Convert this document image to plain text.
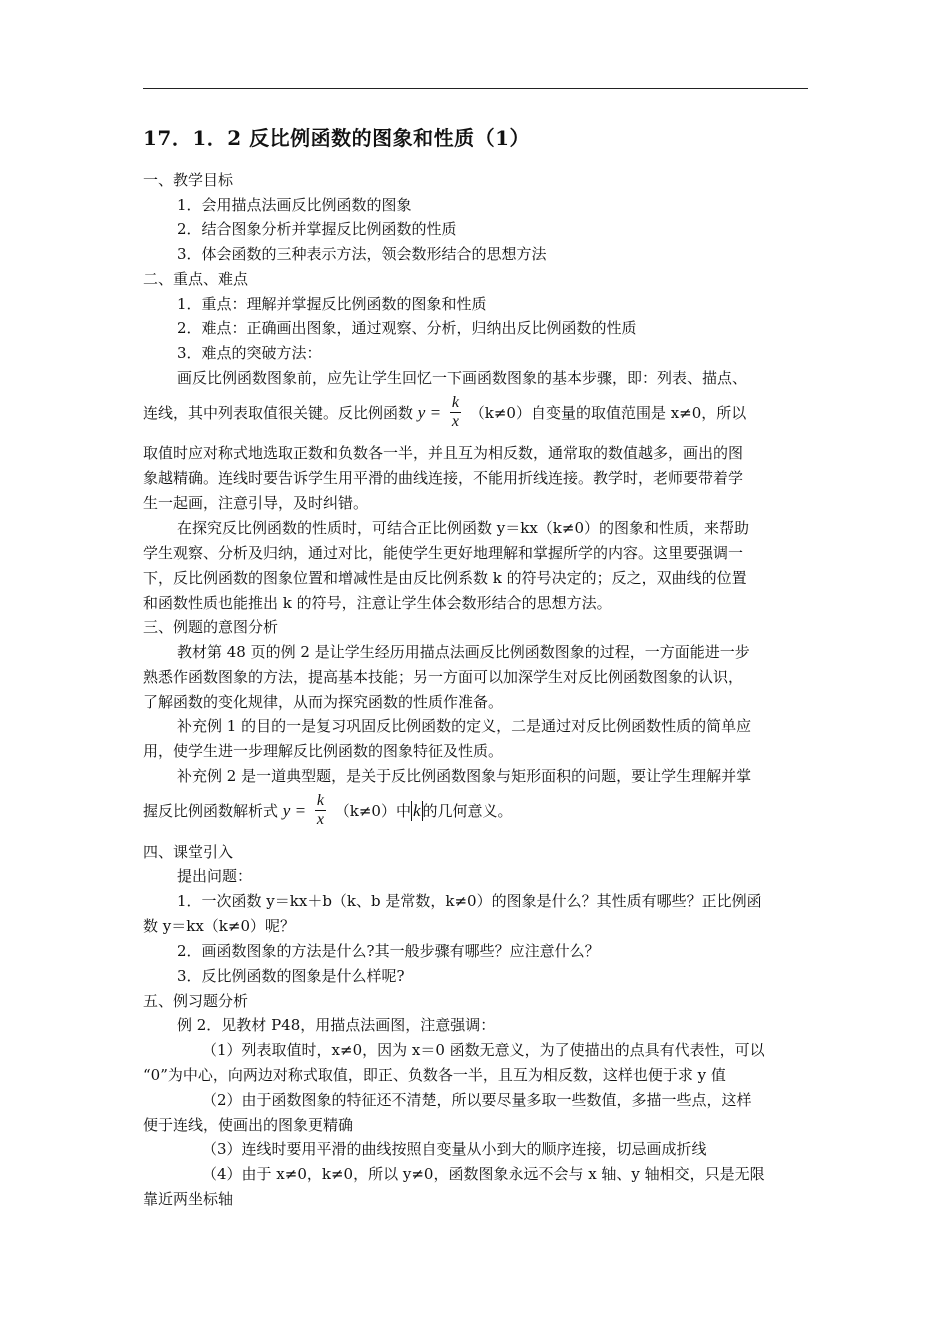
17．1．2 反比例函数的图象和性质（1）
一、教学目标
1．会用描点法画反比例函数的图象
2．结合图象分析并掌握反比例函数的性质
3．体会函数的三种表示方法，领会数形结合的思想方法
二、重点、难点
1．重点：理解并掌握反比例函数的图象和性质
2．难点：正确画出图象，通过观察、分析，归纳出反比例函数的性质
3．难点的突破方法：
画反比例函数图象前，应先让学生回忆一下画函数图象的基本步骤，即：列表、描点、
连线，其中列表取值很关键。反比例函数 $y = \frac{k}{x} (k\ne 0)$自变量的取值范围是 x≠0，所以
取值时应对称式地选取正数和负数各一半，并且互为相反数，通常取的数值越多，画出的图
象越精确。连线时要告诉学生用平滑的曲线连接，不能用折线连接。教学时，老师要带着学
生一起画，注意引导，及时纠错。
在探究反比例函数的性质时，可结合正比例函数 y＝kx（k≠0）的图象和性质，来帮助
学生观察、分析及归纳，通过对比，能使学生更好地理解和掌握所学的内容。这里要强调一
下，反比例函数的图象位置和增减性是由反比例系数 k 的符号决定的；反之，双曲线的位置
和函数性质也能推出 k 的符号，注意让学生体会数形结合的思想方法。
三、例题的意图分析
教材第 48 页的例 2 是让学生经历用描点法画反比例函数图象的过程，一方面能进一步
熟悉作函数图象的方法，提高基本技能；另一方面可以加深学生对反比例函数图象的认识，
了解函数的变化规律，从而为探究函数的性质作准备。
补充例 1 的目的一是复习巩固反比例函数的定义，二是通过对反比例函数性质的简单应
用，使学生进一步理解反比例函数的图象特征及性质。
补充例 2 是一道典型题，是关于反比例函数图象与矩形面积的问题，要让学生理解并掌
握反比例函数解析式 $y = \frac{k}{x} (k\ne 0)$中 k 的几何意义。
四、课堂引入
提出问题：
1．一次函数 y＝kx＋b（k、b 是常数，k≠0）的图象是什么？其性质有哪些？正比例函
数 y＝kx（k≠0）呢？
2．画函数图象的方法是什么?其一般步骤有哪些？应注意什么？
3．反比例函数的图象是什么样呢?
五、例习题分析
例 2．见教材 P48，用描点法画图，注意强调：
（1）列表取值时，x≠0，因为 x＝0 函数无意义，为了使描出的点具有代表性，可以
“0”为中心，向两边对称式取值，即正、负数各一半，且互为相反数，这样也便于求 y 值
（2）由于函数图象的特征还不清楚，所以要尽量多取一些数值，多描一些点，这样
便于连线，使画出的图象更精确
（3）连线时要用平滑的曲线按照自变量从小到大的顺序连接，切忌画成折线
（4）由于 x≠0，k≠0，所以 y≠0，函数图象永远不会与 x 轴、y 轴相交，只是无限
靠近两坐标轴
